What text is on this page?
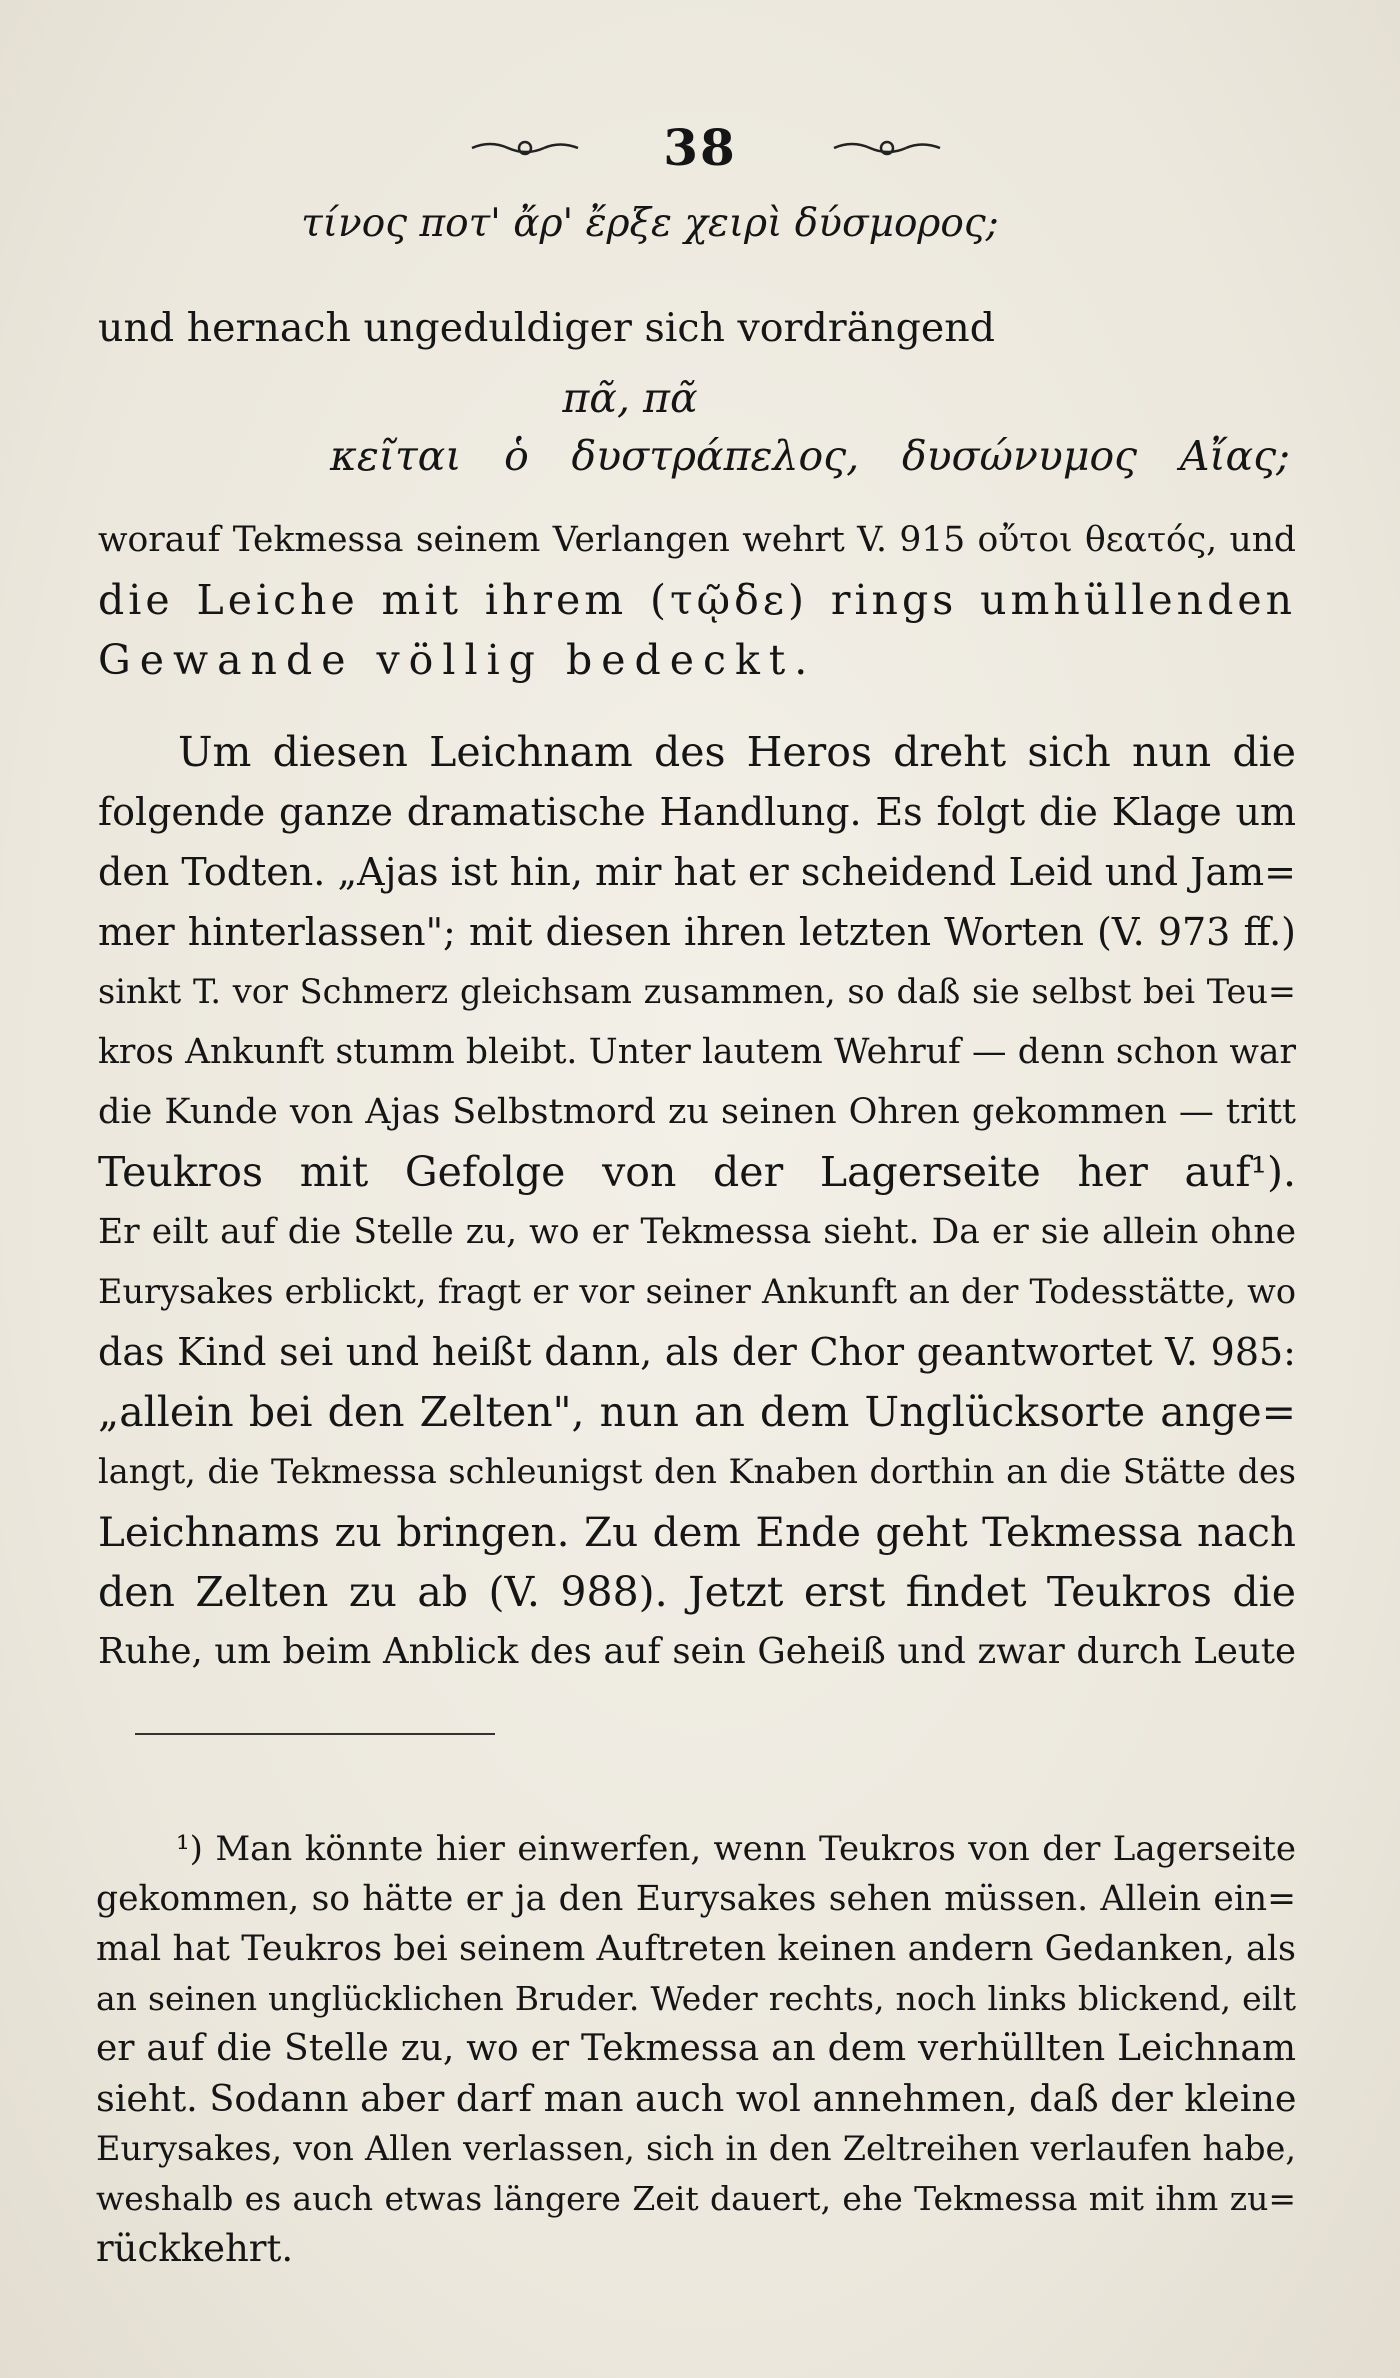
38
τίνος ποτ' ἄρ' ἔρξε χειρὶ δύσμορος;
und hernach ungeduldiger sich vordrängend
πᾶ, πᾶ
κεῖται ὁ δυστράπελος, δυσώνυμος Αἴας;
worauf Tekmessa seinem Verlangen wehrt V. 915 οὔτοι θεατός, und
die Leiche mit ihrem (τῷδε) rings umhüllenden
Gewande völlig bedeckt.
Um diesen Leichnam des Heros dreht sich nun die
folgende ganze dramatische Handlung. Es folgt die Klage um
den Todten. „Ajas ist hin, mir hat er scheidend Leid und Jam=
mer hinterlassen"; mit diesen ihren letzten Worten (V. 973 ff.)
sinkt T. vor Schmerz gleichsam zusammen, so daß sie selbst bei Teu=
kros Ankunft stumm bleibt. Unter lautem Wehruf — denn schon war
die Kunde von Ajas Selbstmord zu seinen Ohren gekommen — tritt
Teukros mit Gefolge von der Lagerseite her auf¹).
Er eilt auf die Stelle zu, wo er Tekmessa sieht. Da er sie allein ohne
Eurysakes erblickt, fragt er vor seiner Ankunft an der Todesstätte, wo
das Kind sei und heißt dann, als der Chor geantwortet V. 985:
„allein bei den Zelten", nun an dem Unglücksorte ange=
langt, die Tekmessa schleunigst den Knaben dorthin an die Stätte des
Leichnams zu bringen. Zu dem Ende geht Tekmessa nach
den Zelten zu ab (V. 988). Jetzt erst findet Teukros die
Ruhe, um beim Anblick des auf sein Geheiß und zwar durch Leute
¹) Man könnte hier einwerfen, wenn Teukros von der Lagerseite
gekommen, so hätte er ja den Eurysakes sehen müssen. Allein ein=
mal hat Teukros bei seinem Auftreten keinen andern Gedanken, als
an seinen unglücklichen Bruder. Weder rechts, noch links blickend, eilt
er auf die Stelle zu, wo er Tekmessa an dem verhüllten Leichnam
sieht. Sodann aber darf man auch wol annehmen, daß der kleine
Eurysakes, von Allen verlassen, sich in den Zeltreihen verlaufen habe,
weshalb es auch etwas längere Zeit dauert, ehe Tekmessa mit ihm zu=
rückkehrt.
